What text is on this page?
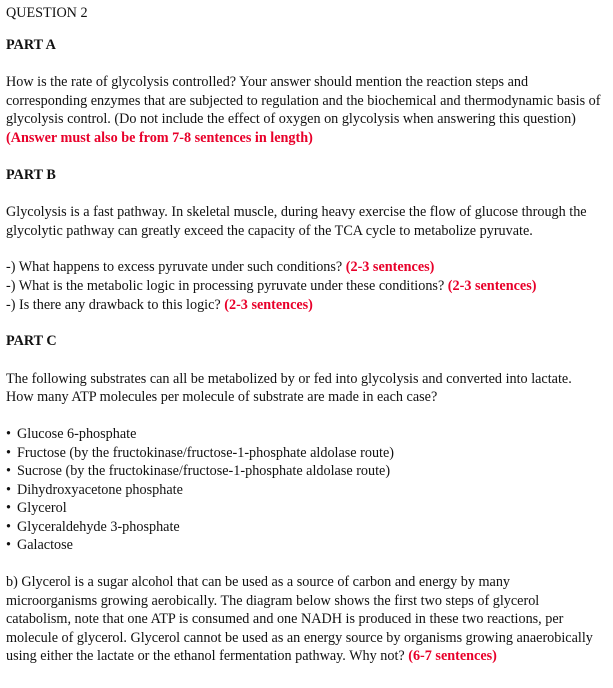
QUESTION 2
PART A

How is the rate of glycolysis controlled? Your answer should mention the reaction steps and corresponding enzymes that are subjected to regulation and the biochemical and thermodynamic basis of glycolysis control. (Do not include the effect of oxygen on glycolysis when answering this question) (Answer must also be from 7-8 sentences in length)

PART B

Glycolysis is a fast pathway. In skeletal muscle, during heavy exercise the flow of glucose through the glycolytic pathway can greatly exceed the capacity of the TCA cycle to metabolize pyruvate.

-) What happens to excess pyruvate under such conditions? (2-3 sentences)
-) What is the metabolic logic in processing pyruvate under these conditions? (2-3 sentences)
-) Is there any drawback to this logic? (2-3 sentences)
PART C

The following substrates can all be metabolized by or fed into glycolysis and converted into lactate. How many ATP molecules per molecule of substrate are made in each case?

• Glucose 6-phosphate
• Fructose (by the fructokinase/fructose-1-phosphate aldolase route)
• Sucrose (by the fructokinase/fructose-1-phosphate aldolase route)
• Dihydroxyacetone phosphate
• Glycerol
• Glyceraldehyde 3-phosphate
• Galactose

b) Glycerol is a sugar alcohol that can be used as a source of carbon and energy by many microorganisms growing aerobically. The diagram below shows the first two steps of glycerol catabolism, note that one ATP is consumed and one NADH is produced in these two reactions, per molecule of glycerol. Glycerol cannot be used as an energy source by organisms growing anaerobically using either the lactate or the ethanol fermentation pathway. Why not? (6-7 sentences)
